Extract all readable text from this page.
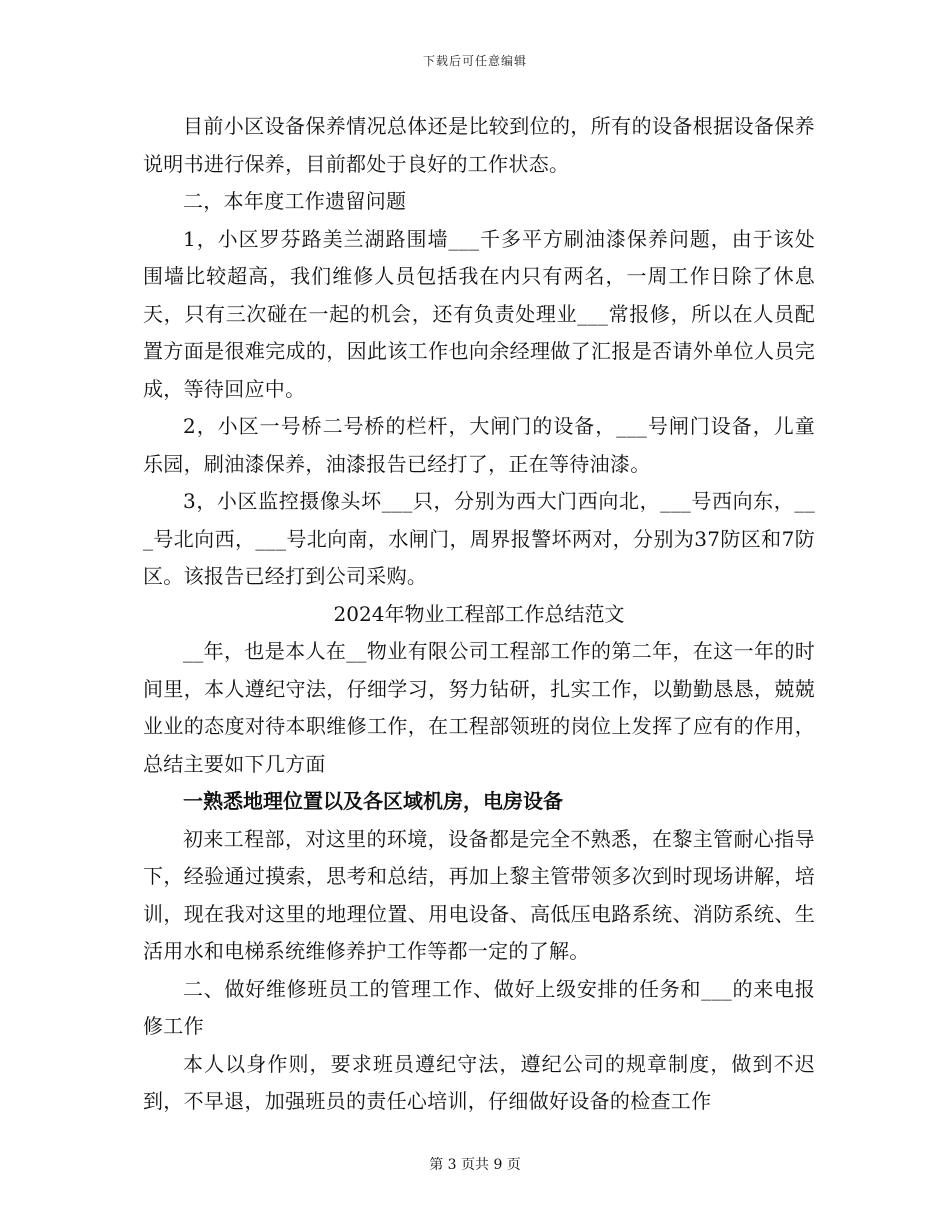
下载后可任意编辑

目前小区设备保养情况总体还是比较到位的，所有的设备根据设备保养说明书进行保养，目前都处于良好的工作状态。

二，本年度工作遗留问题

1，小区罗芬路美兰湖路围墙___千多平方刷油漆保养问题，由于该处围墙比较超高，我们维修人员包括我在内只有两名，一周工作日除了休息天，只有三次碰在一起的机会，还有负责处理业___常报修，所以在人员配置方面是很难完成的，因此该工作也向余经理做了汇报是否请外单位人员完成，等待回应中。

2，小区一号桥二号桥的栏杆，大闸门的设备，___号闸门设备，儿童乐园，刷油漆保养，油漆报告已经打了，正在等待油漆。

3，小区监控摄像头坏___只，分别为西大门西向北，___号西向东，___号北向西，___号北向南，水闸门，周界报警坏两对，分别为37防区和7防区。该报告已经打到公司采购。

2024年物业工程部工作总结范文

__年，也是本人在__物业有限公司工程部工作的第二年，在这一年的时间里，本人遵纪守法，仔细学习，努力钻研，扎实工作，以勤勤恳恳，兢兢业业的态度对待本职维修工作，在工程部领班的岗位上发挥了应有的作用，总结主要如下几方面

一熟悉地理位置以及各区域机房，电房设备

初来工程部，对这里的环境，设备都是完全不熟悉，在黎主管耐心指导下，经验通过摸索，思考和总结，再加上黎主管带领多次到时现场讲解，培训，现在我对这里的地理位置、用电设备、高低压电路系统、消防系统、生活用水和电梯系统维修养护工作等都一定的了解。

二、做好维修班员工的管理工作、做好上级安排的任务和___的来电报修工作

本人以身作则，要求班员遵纪守法，遵纪公司的规章制度，做到不迟到，不早退，加强班员的责任心培训，仔细做好设备的检查工作

第 3 页共 9 页
